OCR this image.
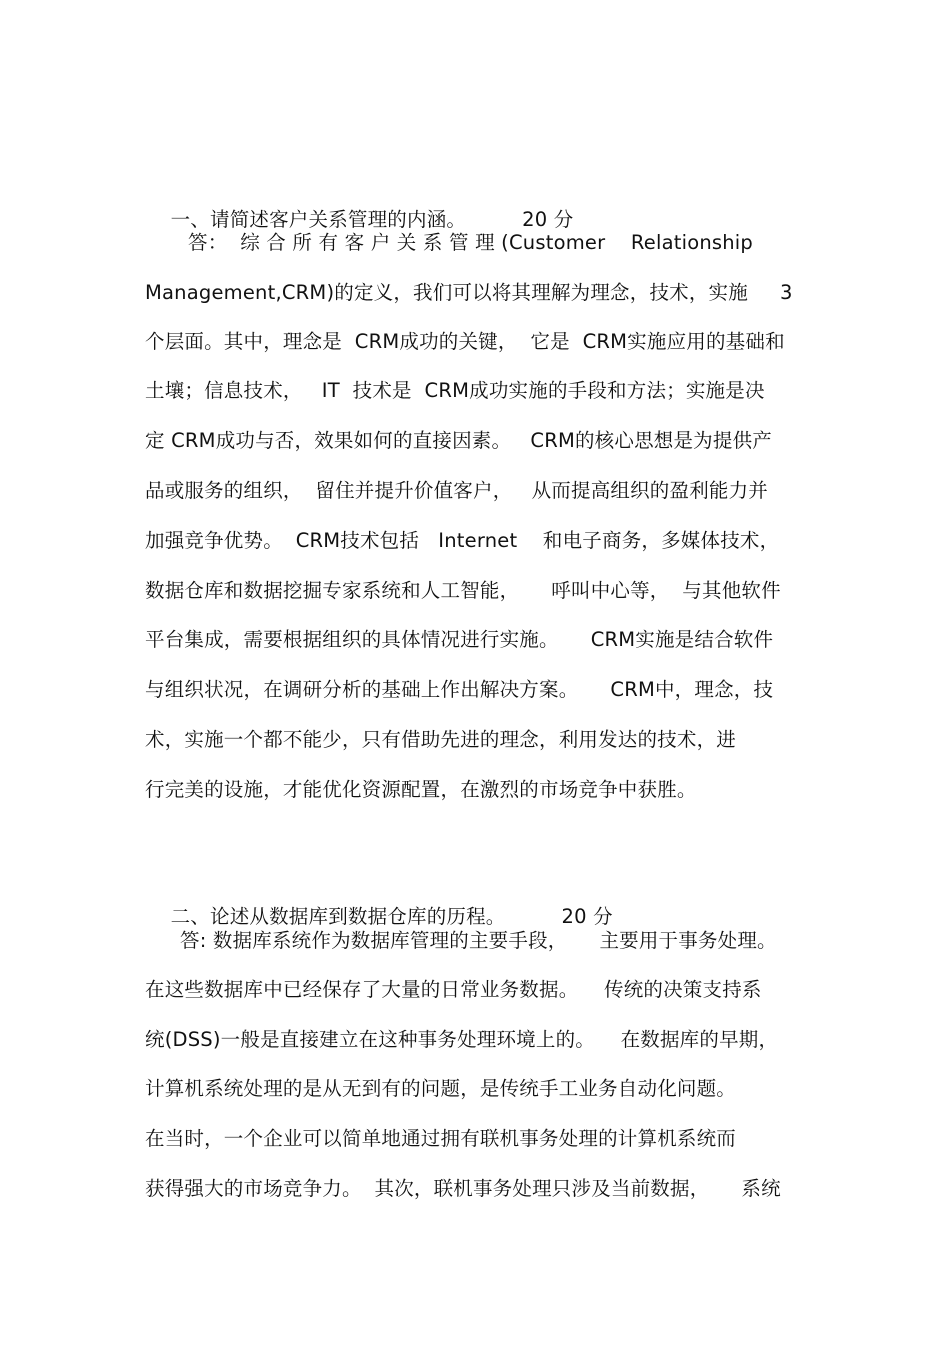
一、请简述客户关系管理的内涵。	20 分

答：  综 合 所 有 客 户 关 系 管 理 (Customer    Relationship
Management,CRM)的定义，我们可以将其理解为理念，技术，实施     3
个层面。其中，理念是  CRM成功的关键，  它是  CRM实施应用的基础和
土壤；信息技术，   IT  技术是  CRM成功实施的手段和方法；实施是决
定 CRM成功与否，效果如何的直接因素。   CRM的核心思想是为提供产
品或服务的组织，  留住并提升价值客户，   从而提高组织的盈利能力并
加强竞争优势。  CRM技术包括   Internet    和电子商务，多媒体技术，
数据仓库和数据挖掘专家系统和人工智能，     呼叫中心等，  与其他软件
平台集成，需要根据组织的具体情况进行实施。     CRM实施是结合软件
与组织状况，在调研分析的基础上作出解决方案。     CRM中，理念，技
术，实施一个都不能少，只有借助先进的理念，利用发达的技术，进
行完美的设施，才能优化资源配置，在激烈的市场竞争中获胜。

二、论述从数据库到数据仓库的历程。	20 分

答: 数据库系统作为数据库管理的主要手段，     主要用于事务处理。
在这些数据库中已经保存了大量的日常业务数据。    传统的决策支持系
统(DSS)一般是直接建立在这种事务处理环境上的。    在数据库的早期，
计算机系统处理的是从无到有的问题，是传统手工业务自动化问题。
在当时，一个企业可以简单地通过拥有联机事务处理的计算机系统而
获得强大的市场竞争力。  其次，联机事务处理只涉及当前数据，     系统
